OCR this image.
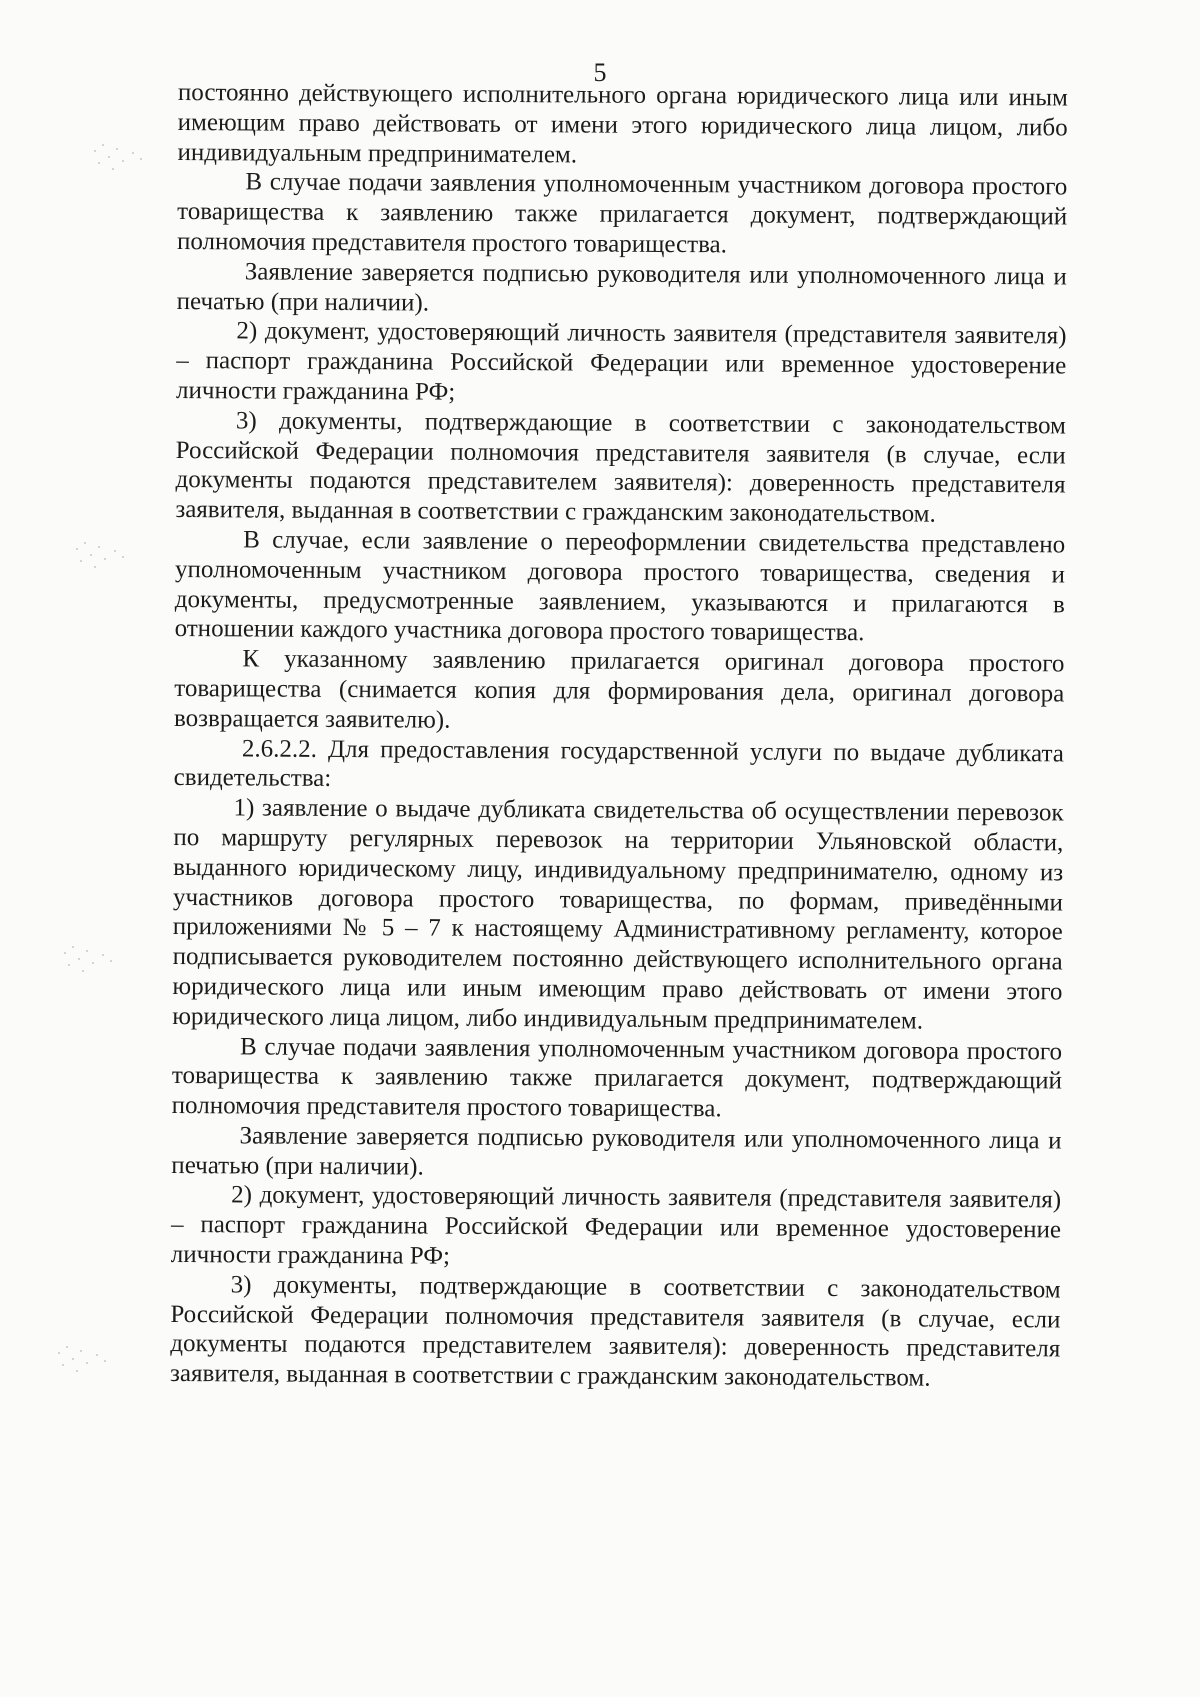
5

постоянно действующего исполнительного органа юридического лица или иным имеющим право действовать от имени этого юридического лица лицом, либо индивидуальным предпринимателем.

В случае подачи заявления уполномоченным участником договора простого товарищества к заявлению также прилагается документ, подтверждающий полномочия представителя простого товарищества.

Заявление заверяется подписью руководителя или уполномоченного лица и печатью (при наличии).

2) документ, удостоверяющий личность заявителя (представителя заявителя) – паспорт гражданина Российской Федерации или временное удостоверение личности гражданина РФ;

3) документы, подтверждающие в соответствии с законодательством Российской Федерации полномочия представителя заявителя (в случае, если документы подаются представителем заявителя): доверенность представителя заявителя, выданная в соответствии с гражданским законодательством.

В случае, если заявление о переоформлении свидетельства представлено уполномоченным участником договора простого товарищества, сведения и документы, предусмотренные заявлением, указываются и прилагаются в отношении каждого участника договора простого товарищества.

К указанному заявлению прилагается оригинал договора простого товарищества (снимается копия для формирования дела, оригинал договора возвращается заявителю).

2.6.2.2. Для предоставления государственной услуги по выдаче дубликата свидетельства:

1) заявление о выдаче дубликата свидетельства об осуществлении перевозок по маршруту регулярных перевозок на территории Ульяновской области, выданного юридическому лицу, индивидуальному предпринимателю, одному из участников договора простого товарищества, по формам, приведёнными приложениями № 5 – 7 к настоящему Административному регламенту, которое подписывается руководителем постоянно действующего исполнительного органа юридического лица или иным имеющим право действовать от имени этого юридического лица лицом, либо индивидуальным предпринимателем.

В случае подачи заявления уполномоченным участником договора простого товарищества к заявлению также прилагается документ, подтверждающий полномочия представителя простого товарищества.

Заявление заверяется подписью руководителя или уполномоченного лица и печатью (при наличии).

2) документ, удостоверяющий личность заявителя (представителя заявителя) – паспорт гражданина Российской Федерации или временное удостоверение личности гражданина РФ;

3) документы, подтверждающие в соответствии с законодательством Российской Федерации полномочия представителя заявителя (в случае, если документы подаются представителем заявителя): доверенность представителя заявителя, выданная в соответствии с гражданским законодательством.
